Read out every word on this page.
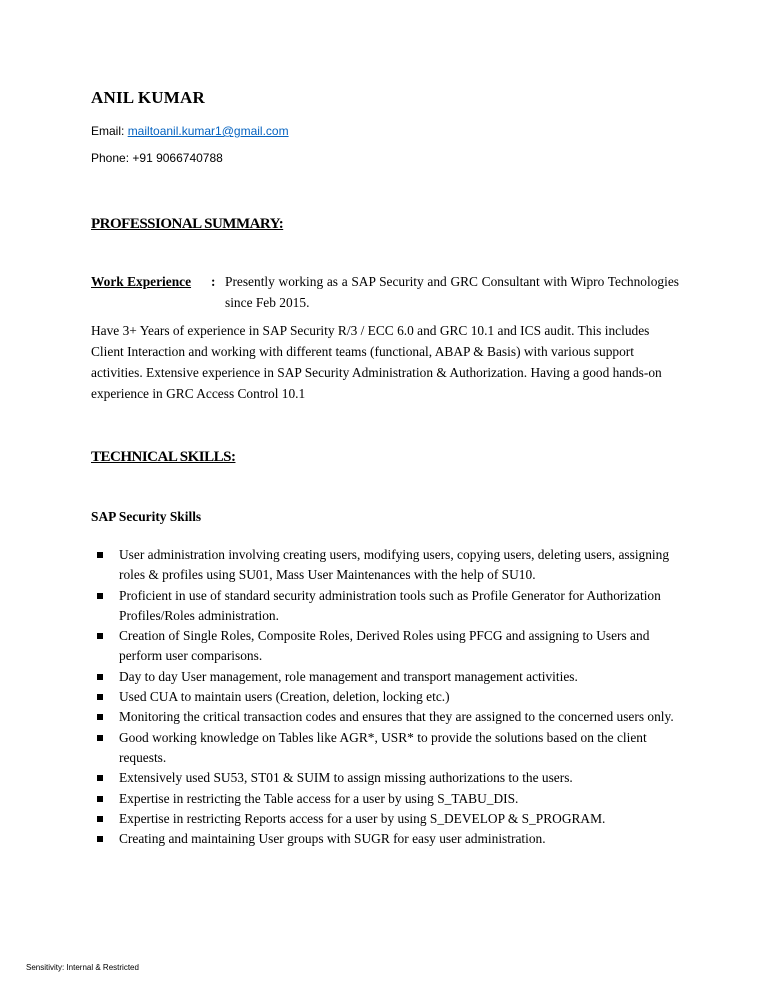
ANIL KUMAR
Email: mailtoanil.kumar1@gmail.com
Phone: +91 9066740788
PROFESSIONAL SUMMARY:
Work Experience : Presently working as a SAP Security and GRC Consultant with Wipro Technologies since Feb 2015.
Have 3+ Years of experience in SAP Security R/3 / ECC 6.0 and GRC 10.1 and ICS audit. This includes Client Interaction and working with different teams (functional, ABAP & Basis) with various support activities. Extensive experience in SAP Security Administration & Authorization. Having a good hands-on experience in GRC Access Control 10.1
TECHNICAL SKILLS:
SAP Security Skills
User administration involving creating users, modifying users, copying users, deleting users, assigning roles & profiles using SU01, Mass User Maintenances with the help of SU10.
Proficient in use of standard security administration tools such as Profile Generator for Authorization Profiles/Roles administration.
Creation of Single Roles, Composite Roles, Derived Roles using PFCG and assigning to Users and perform user comparisons.
Day to day User management, role management and transport management activities.
Used CUA to maintain users (Creation, deletion, locking etc.)
Monitoring the critical transaction codes and ensures that they are assigned to the concerned users only.
Good working knowledge on Tables like AGR*, USR* to provide the solutions based on the client requests.
Extensively used SU53, ST01 & SUIM to assign missing authorizations to the users.
Expertise in restricting the Table access for a user by using S_TABU_DIS.
Expertise in restricting Reports access for a user by using S_DEVELOP & S_PROGRAM.
Creating and maintaining User groups with SUGR for easy user administration.
Sensitivity: Internal & Restricted
